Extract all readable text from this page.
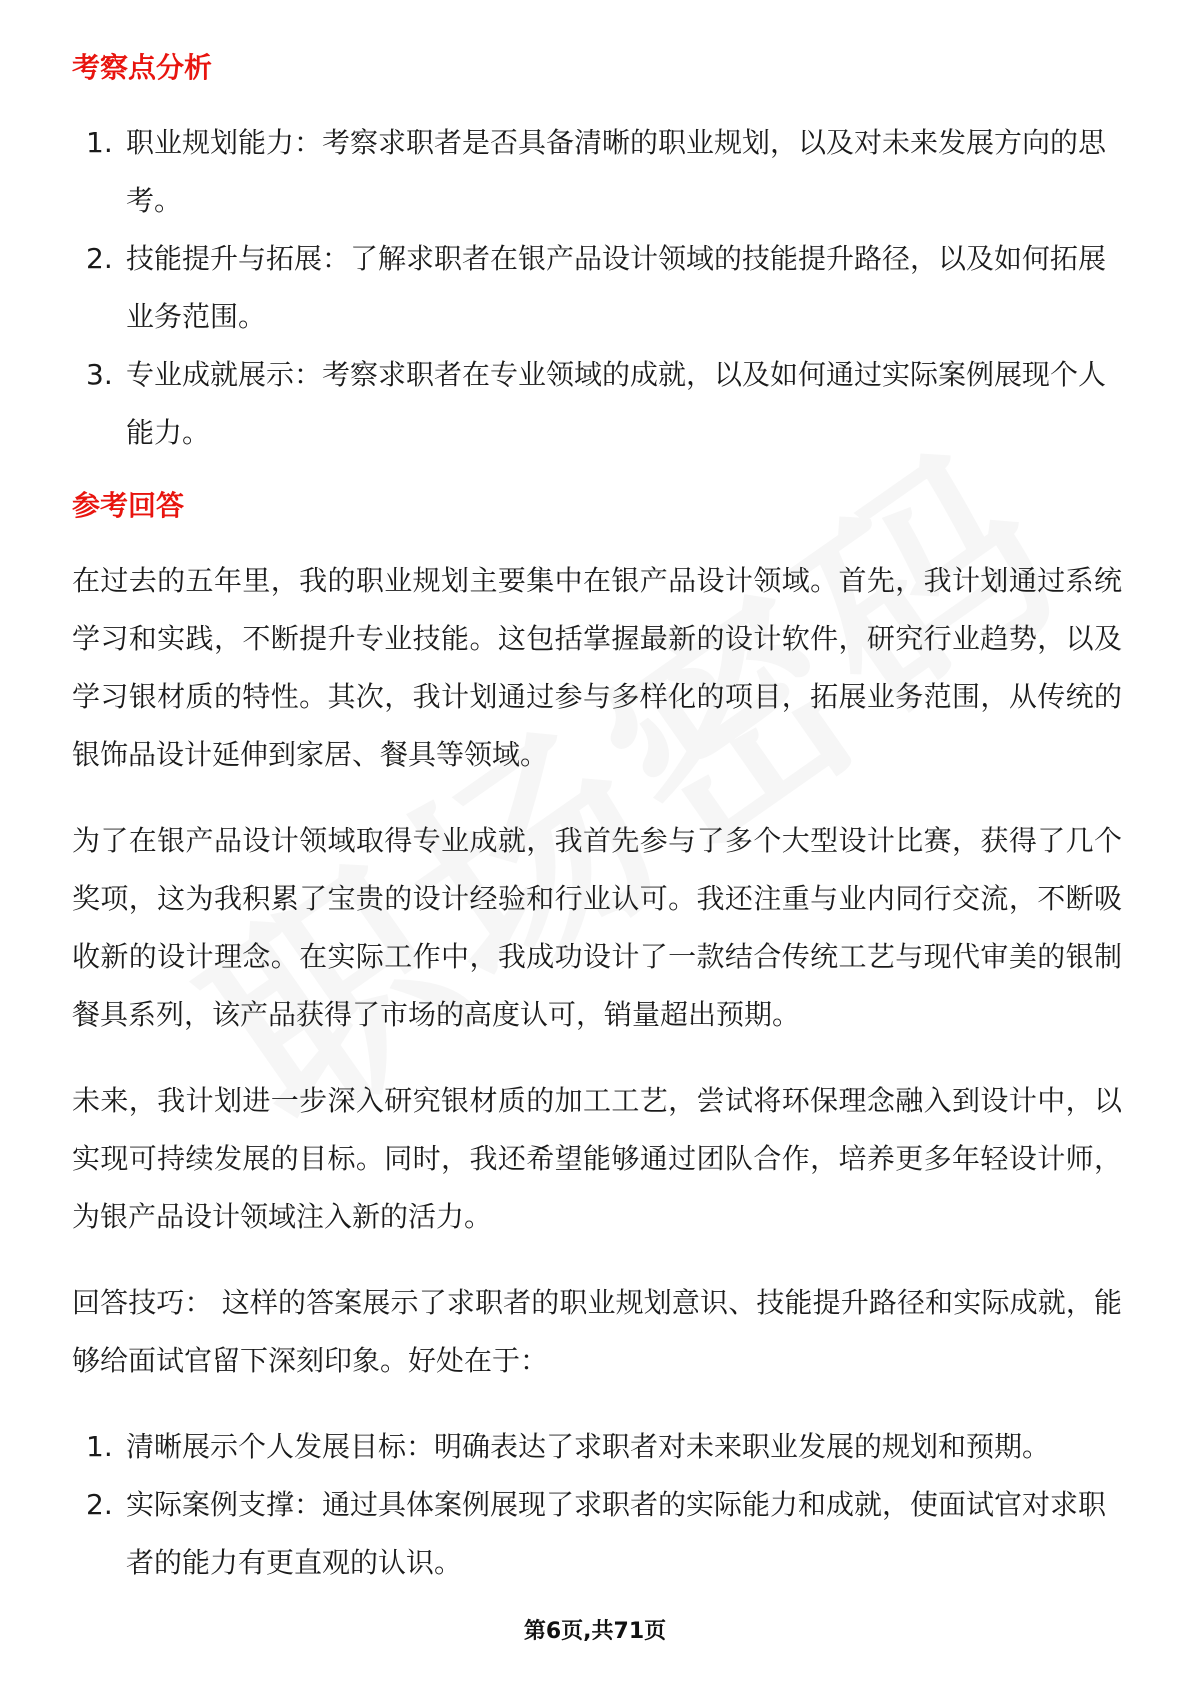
考察点分析
1. 职业规划能力：考察求职者是否具备清晰的职业规划，以及对未来发展方向的思考。
2. 技能提升与拓展：了解求职者在银产品设计领域的技能提升路径，以及如何拓展业务范围。
3. 专业成就展示：考察求职者在专业领域的成就，以及如何通过实际案例展现个人能力。
参考回答

在过去的五年里，我的职业规划主要集中在银产品设计领域。首先，我计划通过系统学习和实践，不断提升专业技能。这包括掌握最新的设计软件，研究行业趋势，以及学习银材质的特性。其次，我计划通过参与多样化的项目，拓展业务范围，从传统的银饰品设计延伸到家居、餐具等领域。

为了在银产品设计领域取得专业成就，我首先参与了多个大型设计比赛，获得了几个奖项，这为我积累了宝贵的设计经验和行业认可。我还注重与业内同行交流，不断吸收新的设计理念。在实际工作中，我成功设计了一款结合传统工艺与现代审美的银制餐具系列，该产品获得了市场的高度认可，销量超出预期。

未来，我计划进一步深入研究银材质的加工工艺，尝试将环保理念融入到设计中，以实现可持续发展的目标。同时，我还希望能够通过团队合作，培养更多年轻设计师，为银产品设计领域注入新的活力。

回答技巧： 这样的答案展示了求职者的职业规划意识、技能提升路径和实际成就，能够给面试官留下深刻印象。好处在于：

1. 清晰展示个人发展目标：明确表达了求职者对未来职业发展的规划和预期。
2. 实际案例支撑：通过具体案例展现了求职者的实际能力和成就，使面试官对求职者的能力有更直观的认识。
第6页,共71页
